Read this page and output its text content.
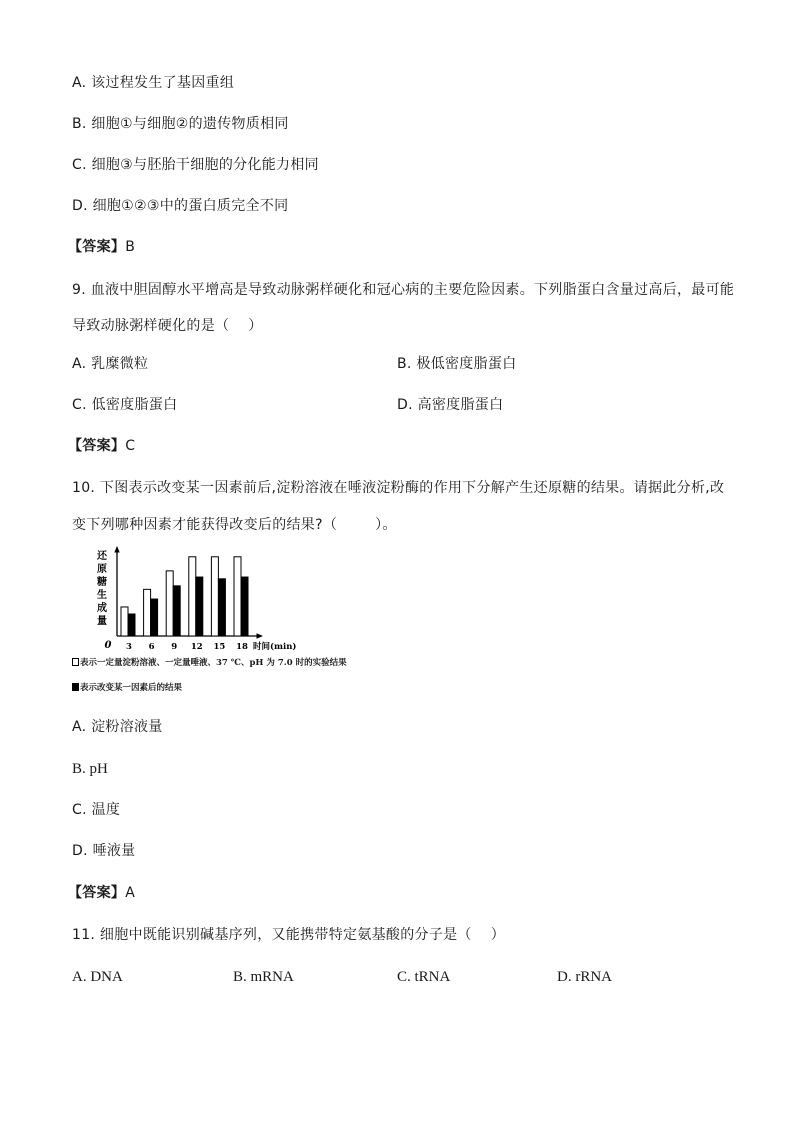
A. 该过程发生了基因重组
B. 细胞①与细胞②的遗传物质相同
C. 细胞③与胚胎干细胞的分化能力相同
D. 细胞①②③中的蛋白质完全不同
【答案】B
9. 血液中胆固醇水平增高是导致动脉粥样硬化和冠心病的主要危险因素。下列脂蛋白含量过高后，最可能
导致动脉粥样硬化的是（    ）
A. 乳糜微粒	B. 极低密度脂蛋白
C. 低密度脂蛋白	D. 高密度脂蛋白
【答案】C
10. 下图表示改变某一因素前后,淀粉溶液在唾液淀粉酶的作用下分解产生还原糖的结果。请据此分析,改
变下列哪种因素才能获得改变后的结果?（        ）。
3 6 9 12 15 18
还原糖生成量
0	时间(min)
表示一定量淀粉溶液、一定量唾液、37 ℃、pH 为 7.0 时的实验结果
表示改变某一因素后的结果
A. 淀粉溶液量
B. pH
C. 温度
D. 唾液量
【答案】A
11. 细胞中既能识别碱基序列，又能携带特定氨基酸的分子是（    ）
A. DNA	B. mRNA	C. tRNA	D. rRNA
